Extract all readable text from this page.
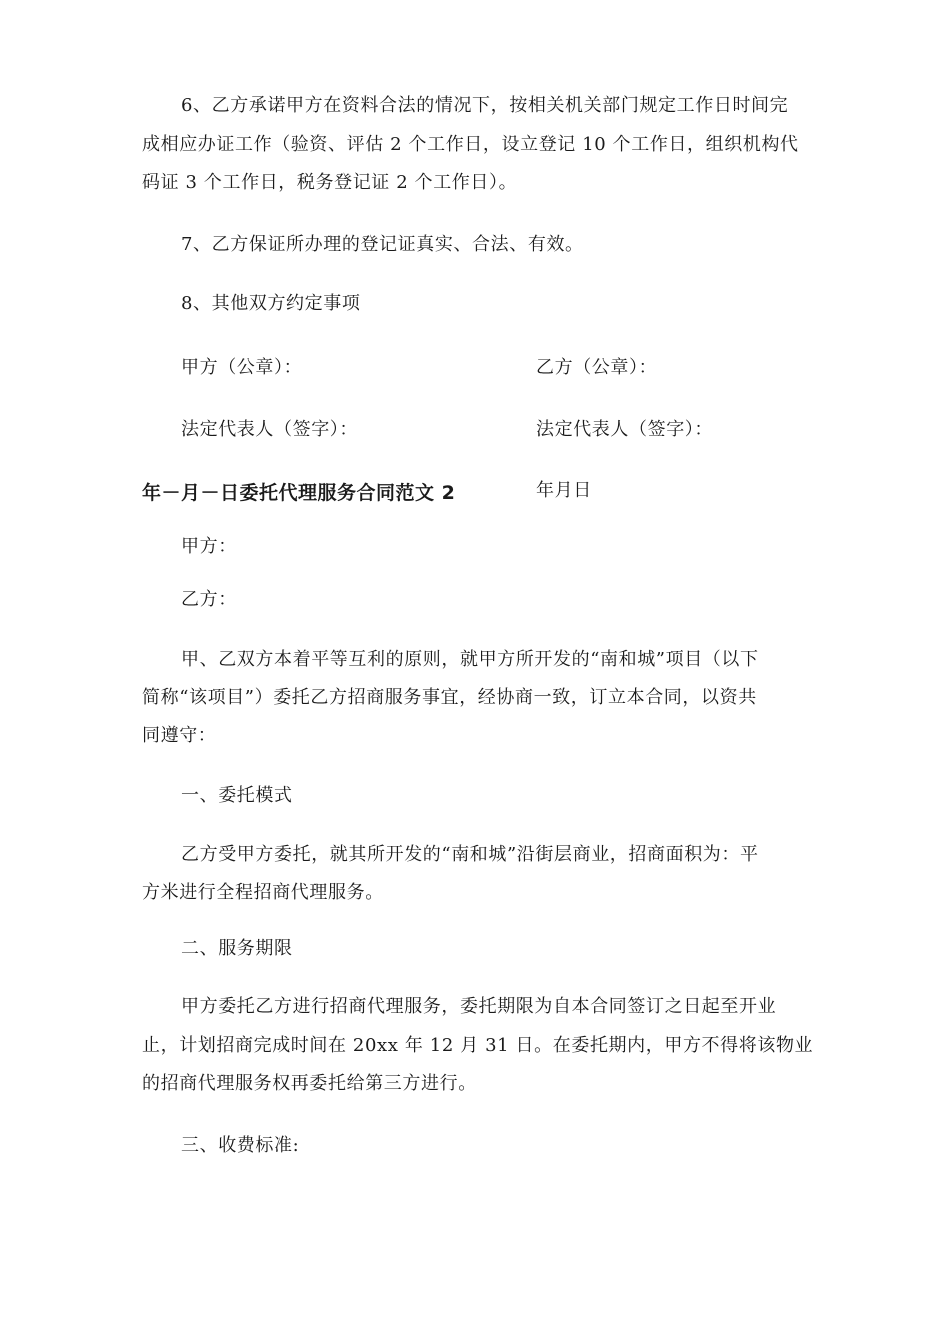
6、乙方承诺甲方在资料合法的情况下，按相关机关部门规定工作日时间完
成相应办证工作（验资、评估 2 个工作日，设立登记 10 个工作日，组织机构代
码证 3 个工作日，税务登记证 2 个工作日）。
7、乙方保证所办理的登记证真实、合法、有效。
8、其他双方约定事项
甲方（公章）：	乙方（公章）：
法定代表人（签字）：	法定代表人（签字）：
年－月－日委托代理服务合同范文 2	年月日
甲方：
乙方：
甲、乙双方本着平等互利的原则，就甲方所开发的“南和城”项目（以下
简称“该项目”）委托乙方招商服务事宜，经协商一致，订立本合同，以资共
同遵守：
一、委托模式
乙方受甲方委托，就其所开发的“南和城”沿街层商业，招商面积为：平
方米进行全程招商代理服务。
二、服务期限
甲方委托乙方进行招商代理服务，委托期限为自本合同签订之日起至开业
止，计划招商完成时间在 20xx 年 12 月 31 日。在委托期内，甲方不得将该物业
的招商代理服务权再委托给第三方进行。
三、收费标准:
